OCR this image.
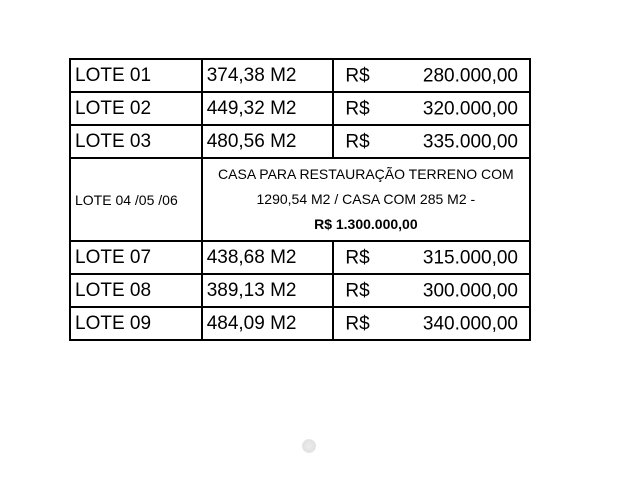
LOTE 01	374,38 M2	R$ 280.000,00

LOTE 02	449,32 M2	R$ 320.000,00

LOTE 03	480,56 M2	R$ 335.000,00

LOTE 04 /05 /06	CASA PARA RESTAURAÇÃO TERRENO COM
1290,54 M2 / CASA COM 285 M2 -
R$ 1.300.000,00	

LOTE 07	438,68 M2	R$ 315.000,00

LOTE 08	389,13 M2	R$ 300.000,00

LOTE 09	484,09 M2	R$ 340.000,00
